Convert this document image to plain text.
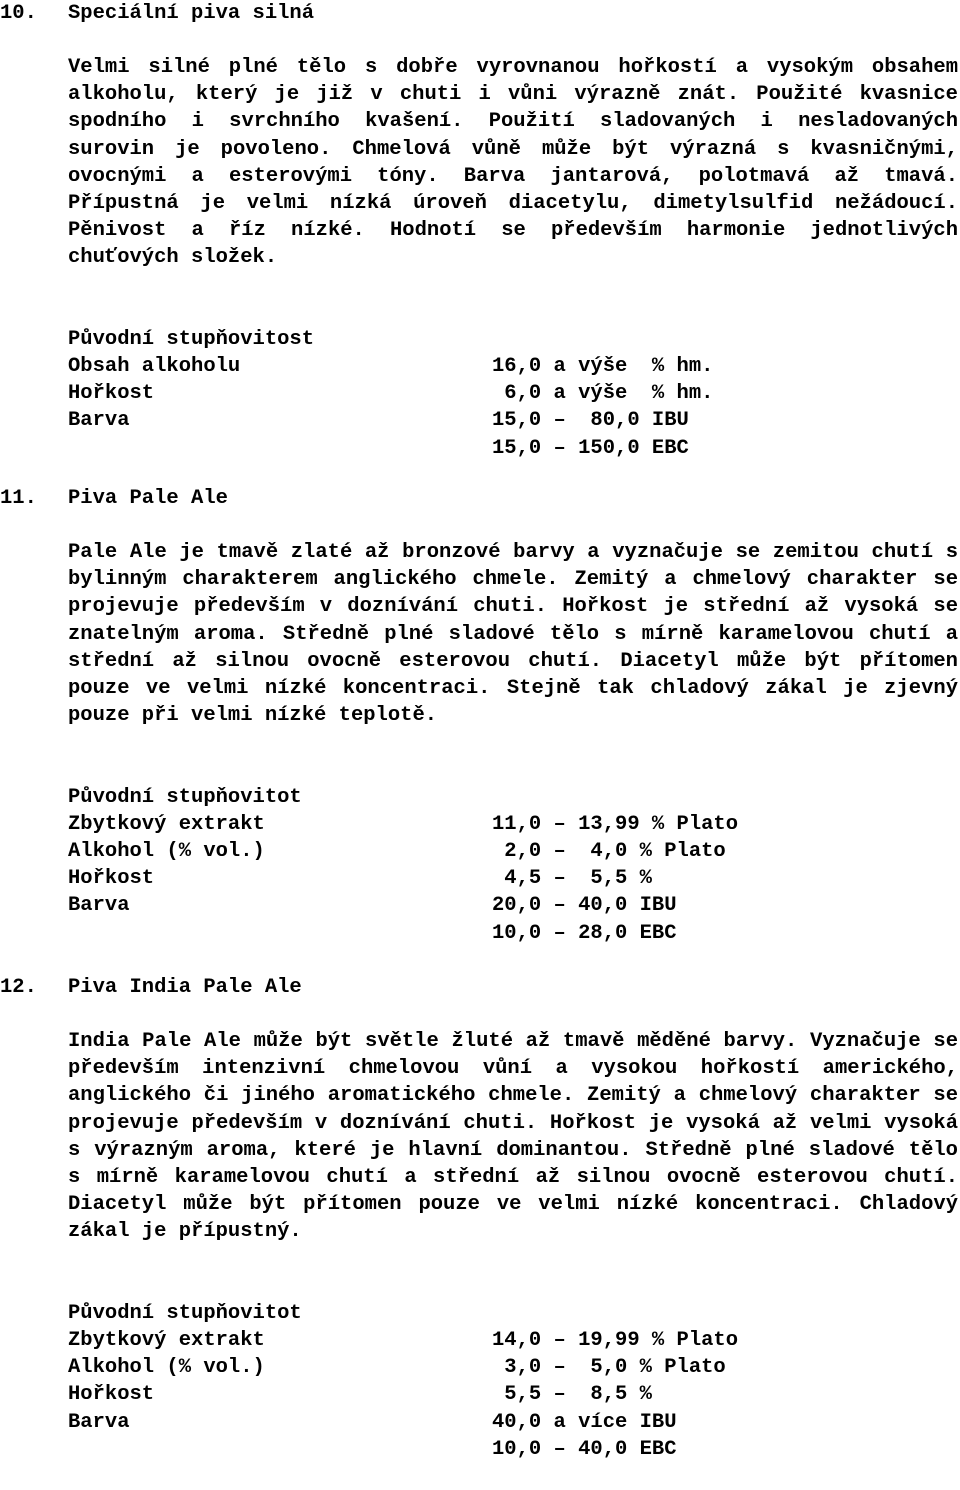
10. Speciální piva silná
Velmi silné plné tělo s dobře vyrovnanou hořkostí a vysokým obsahem alkoholu, který je již v chuti i vůni výrazně znát. Použité kvasnice spodního i svrchního kvašení. Použití sladovaných i nesladovaných surovin je povoleno. Chmelová vůně může být výrazná s kvasničnými, ovocnými a esterovými tóny. Barva jantarová, polotmavá až tmavá. Přípustná je velmi nízká úroveň diacetylu, dimetylsulfid nežádoucí. Pěnivost a říz nízké. Hodnotí se především harmonie jednotlivých chuťových složek.

Původní stupňovitost

16,0 a výše  % hm.

Obsah alkoholu

6,0 a výše  % hm.

Hořkost

15,0 –  80,0 IBU

Barva

15,0 – 150,0 EBC

11. Piva Pale Ale
Pale Ale je tmavě zlaté až bronzové barvy a vyznačuje se zemitou chutí s bylinným charakterem anglického chmele. Zemitý a chmelový charakter se projevuje především v doznívání chuti. Hořkost je střední až vysoká se znatelným aroma. Středně plné sladové tělo s mírně karamelovou chutí a střední až silnou ovocně esterovou chutí. Diacetyl může být přítomen pouze ve velmi nízké koncentraci. Stejně tak chladový zákal je zjevný pouze při velmi nízké teplotě.

Původní stupňovitot

11,0 – 13,99 % Plato

Zbytkový extrakt

2,0 –  4,0 % Plato

Alkohol (% vol.)

4,5 –  5,5 %

Hořkost

20,0 – 40,0 IBU

Barva

10,0 – 28,0 EBC

12. Piva India Pale Ale
India Pale Ale může být světle žluté až tmavě měděné barvy. Vyznačuje se především intenzivní chmelovou vůní a vysokou hořkostí amerického, anglického či jiného aromatického chmele. Zemitý a chmelový charakter se projevuje především v doznívání chuti. Hořkost je vysoká až velmi vysoká s výrazným aroma, které je hlavní dominantou. Středně plné sladové tělo s mírně karamelovou chutí a střední až silnou ovocně esterovou chutí. Diacetyl může být přítomen pouze ve velmi nízké koncentraci. Chladový zákal je přípustný.

Původní stupňovitot

14,0 – 19,99 % Plato

Zbytkový extrakt

3,0 –  5,0 % Plato

Alkohol (% vol.)

5,5 –  8,5 %

Hořkost

40,0 a více IBU

Barva

10,0 – 40,0 EBC
